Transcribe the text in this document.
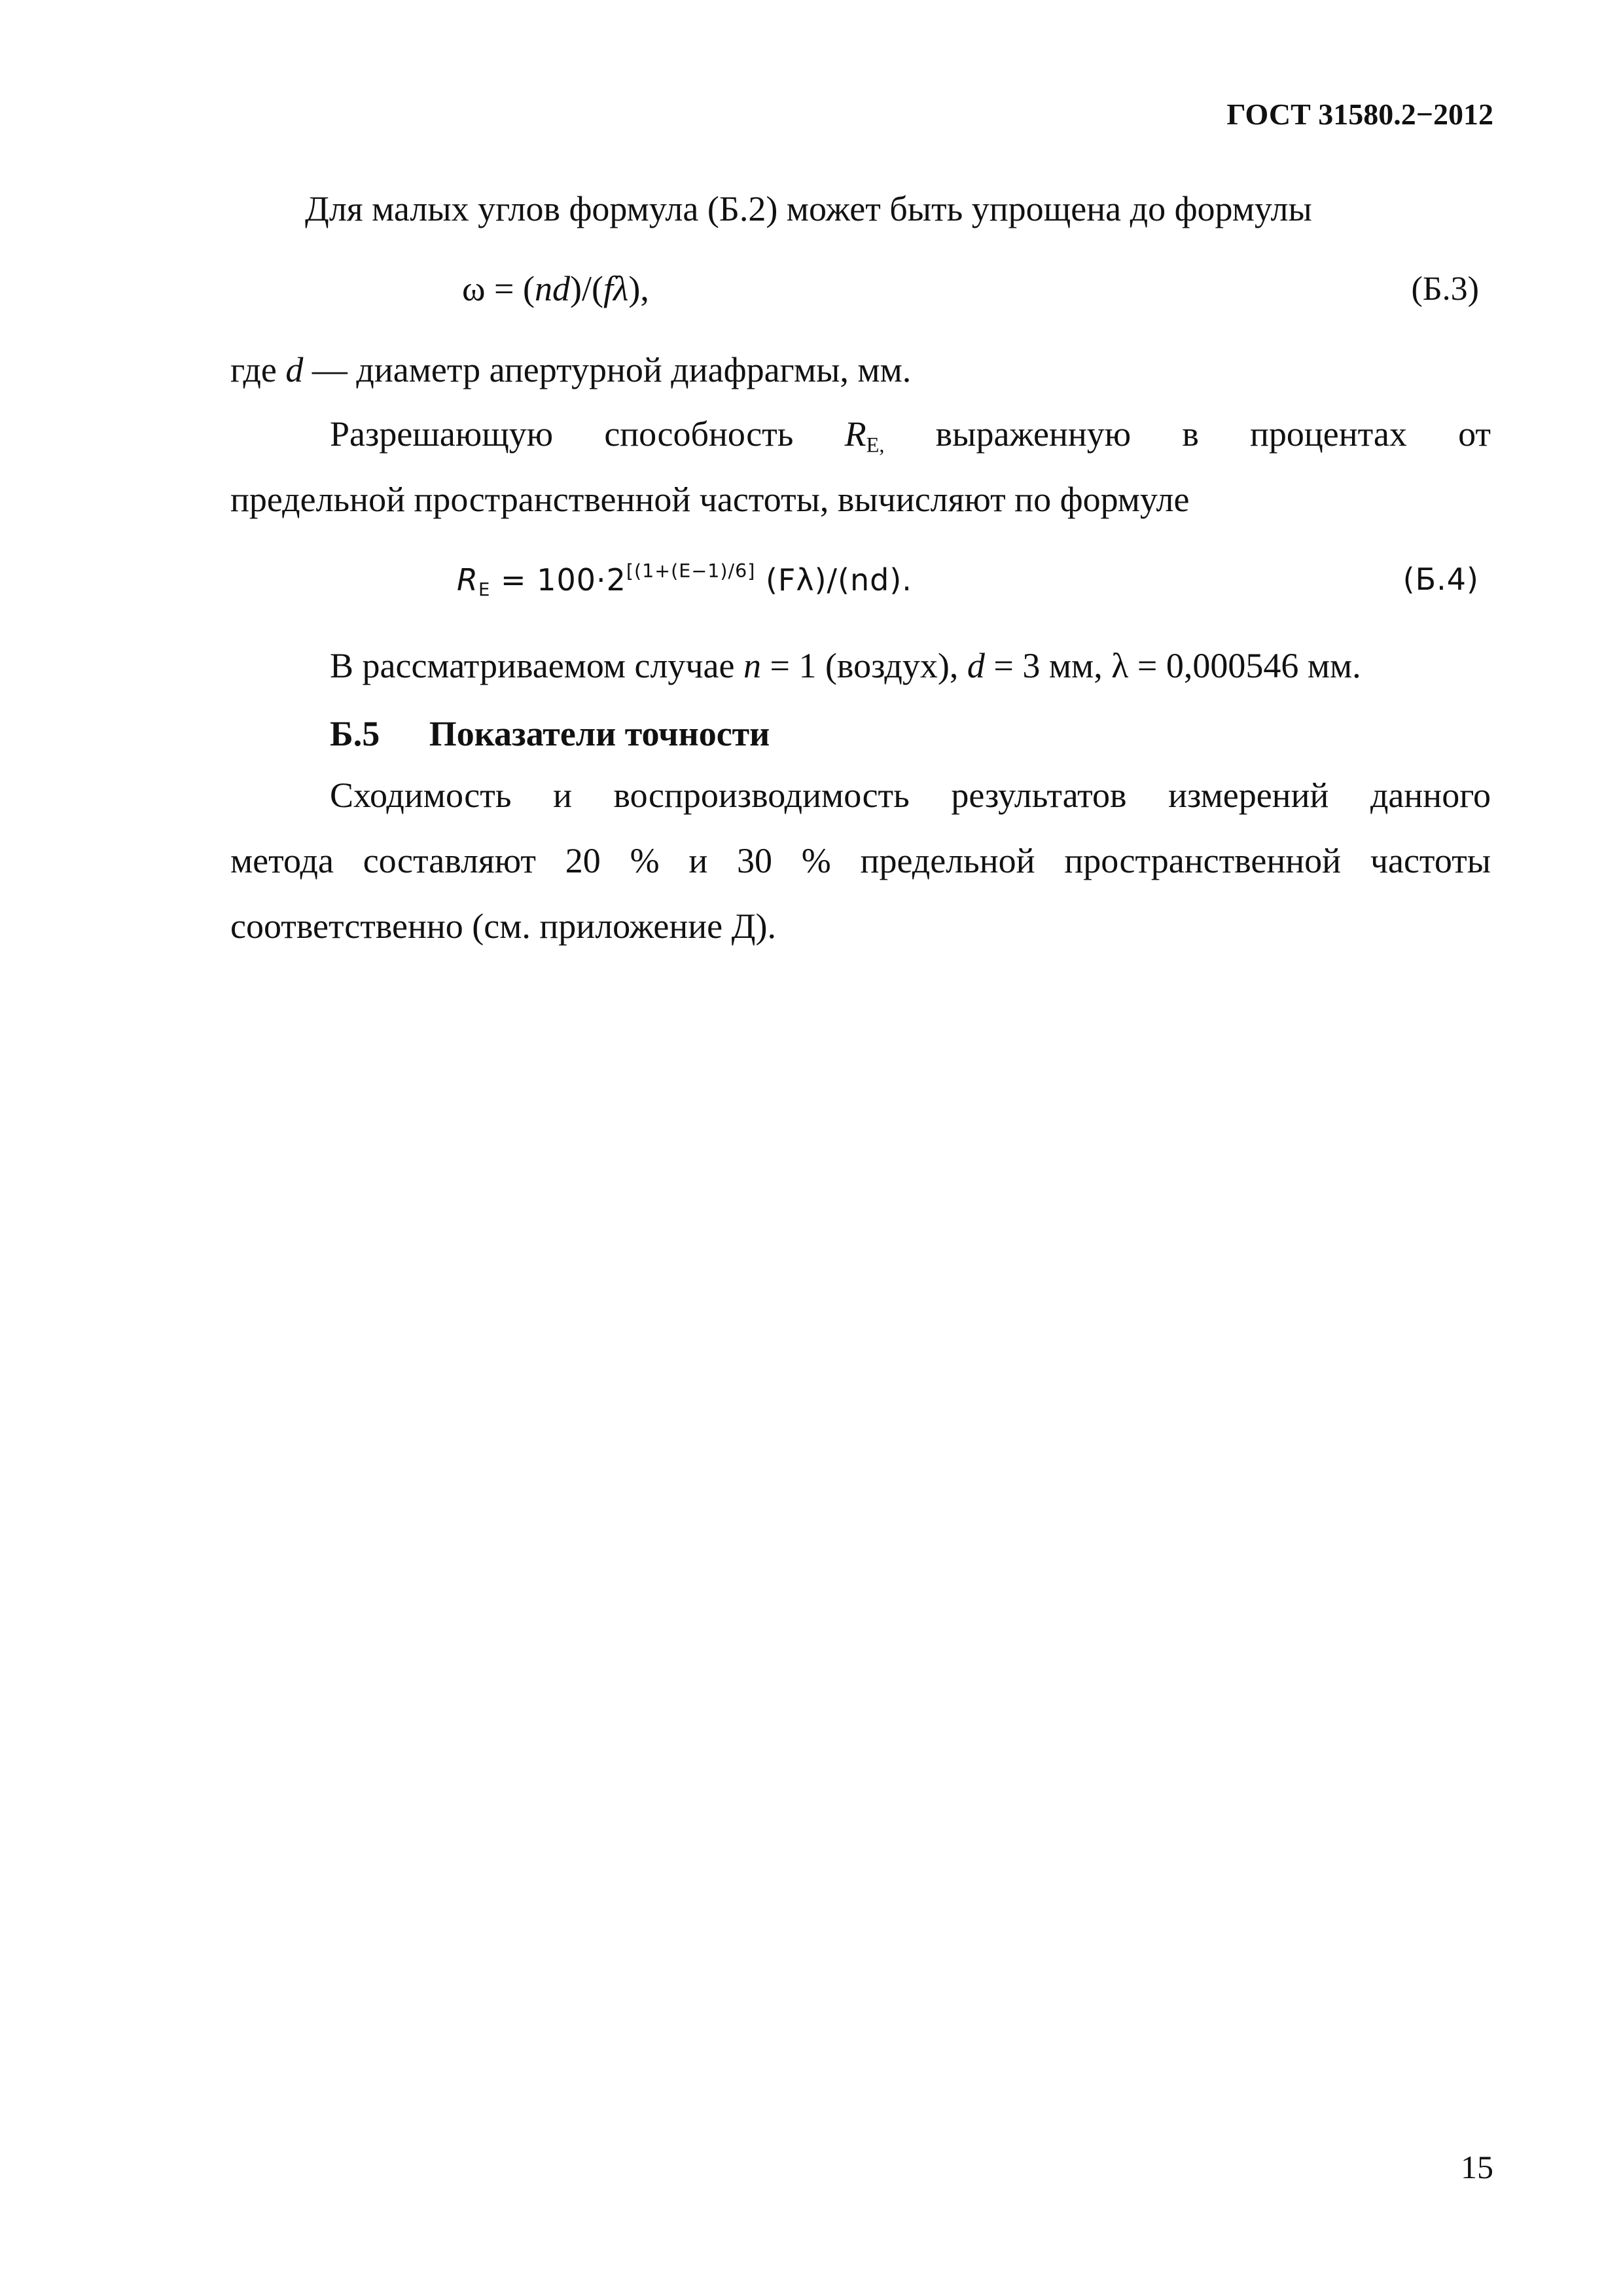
ГОСТ 31580.2−2012
Для малых углов формула (Б.2) может быть упрощена до формулы
ω = (nd)/(fλ),	(Б.3)
где d — диаметр апертурной диафрагмы, мм.
Разрешающую способность $R_{E,}$ выраженную в процентах от
предельной пространственной частоты, вычисляют по формуле
$R_E = 100\cdot 2[(1+(E-1)/6]$ (Fλ)/(nd).	(Б.4)
В рассматриваемом случае n = 1 (воздух), d = 3 мм, λ = 0,000546 мм.
Б.5 Показатели точности
Сходимость и воспроизводимость результатов измерений данного
метода составляют 20 % и 30 % предельной пространственной частоты
соответственно (см. приложение Д).
15
